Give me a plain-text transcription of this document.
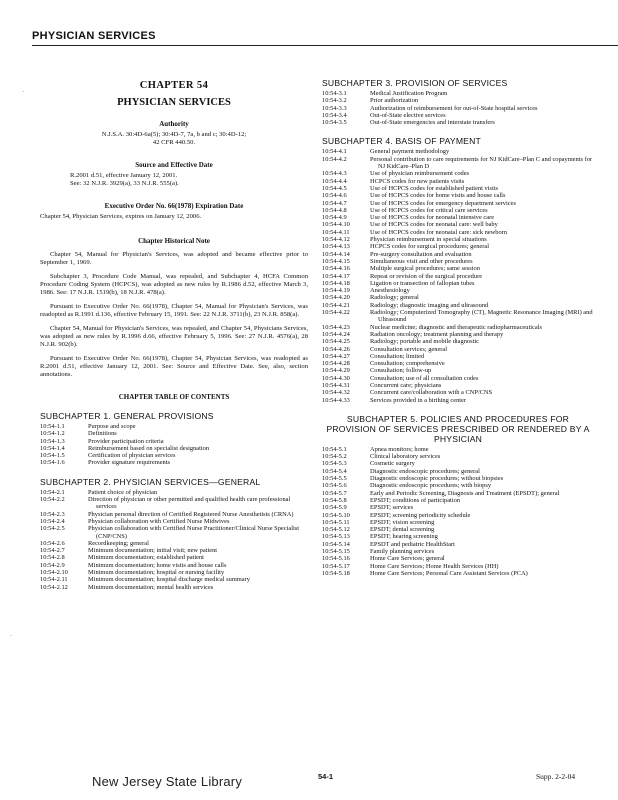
PHYSICIAN SERVICES
CHAPTER 54
PHYSICIAN SERVICES
Authority
N.J.S.A. 30:4D-6a(5); 30:4D-7, 7a, b and c; 30:4D-12; 42 CFR 440.50.
Source and Effective Date
R.2001 d.51, effective January 12, 2001.
See: 32 N.J.R. 3929(a), 33 N.J.R. 555(a).
Executive Order No. 66(1978) Expiration Date
Chapter 54, Physician Services, expires on January 12, 2006.
Chapter Historical Note

Chapter 54, Manual for Physician's Services, was adopted and became effective prior to September 1, 1969.

Subchapter 3, Procedure Code Manual, was repealed, and Subchapter 4, HCFA Common Procedure Coding System (HCPCS), was adopted as new rules by R.1986 d.52, effective March 3, 1986. See: 17 N.J.R. 1519(b), 18 N.J.R. 478(a).

Pursuant to Executive Order No. 66(1978), Chapter 54, Manual for Physician's Services, was readopted as R.1991 d.136, effective February 15, 1991. See: 22 N.J.R. 3711(b), 23 N.J.R. 858(a).

Chapter 54, Manual for Physician's Services, was repealed, and Chapter 54, Physicians Services, was adopted as new rules by R.1996 d.66, effective February 5, 1996. See: 27 N.J.R. 4576(a), 28 N.J.R. 902(b).

Pursuant to Executive Order No. 66(1978), Chapter 54, Physician Services, was readopted as R.2001 d.51, effective January 12, 2001. See: Source and Effective Date. See, also, section annotations.

CHAPTER TABLE OF CONTENTS
SUBCHAPTER 1. GENERAL PROVISIONS
10:54-1.1	Purpose and scope
10:54-1.2	Definitions
10:54-1.3	Provider participation criteria
10:54-1.4	Reimbursement based on specialist designation
10:54-1.5	Certification of physician services
10:54-1.6	Provider signature requirements
SUBCHAPTER 2. PHYSICIAN SERVICES—GENERAL
10:54-2.1	Patient choice of physician
10:54-2.2	Direction of physician or other permitted and qualified health care professional services
10:54-2.3	Physician personal direction of Certified Registered Nurse Anesthetists (CRNA)
10:54-2.4	Physician collaboration with Certified Nurse Midwives
10:54-2.5	Physician collaboration with Certified Nurse Practitioner/Clinical Nurse Specialist (CNP/CNS)
10:54-2.6	Recordkeeping; general
10:54-2.7	Minimum documentation; initial visit; new patient
10:54-2.8	Minimum documentation; established patient
10:54-2.9	Minimum documentation; home visits and house calls
10:54-2.10	Minimum documentation; hospital or nursing facility
10:54-2.11	Minimum documentation; hospital discharge medical summary
10:54-2.12	Minimum documentation; mental health services
SUBCHAPTER 3. PROVISION OF SERVICES
10:54-3.1	Medical Justification Program
10:54-3.2	Prior authorization
10:54-3.3	Authorization of reimbursement for out-of-State hospital services
10:54-3.4	Out-of-State elective services
10:54-3.5	Out-of-State emergencies and interstate transfers
SUBCHAPTER 4. BASIS OF PAYMENT
10:54-4.1	General payment methodology
10:54-4.2	Personal contribution to care requirements for NJ KidCare–Plan C and copayments for NJ KidCare–Plan D
10:54-4.3	Use of physician reimbursement codes
10:54-4.4	HCPCS codes for new patients visits
10:54-4.5	Use of HCPCS codes for established patient visits
10:54-4.6	Use of HCPCS codes for home visits and house calls
10:54-4.7	Use of HCPCS codes for emergency department services
10:54-4.8	Use of HCPCS codes for critical care services
10:54-4.9	Use of HCPCS codes for neonatal intensive care
10:54-4.10	Use of HCPCS codes for neonatal care: well baby
10:54-4.11	Use of HCPCS codes for neonatal care: sick newborn
10:54-4.12	Physician reimbursement in special situations
10:54-4.13	HCPCS codes for surgical procedures; general
10:54-4.14	Pre-surgery consultation and evaluation
10:54-4.15	Simultaneous visit and other procedures
10:54-4.16	Multiple surgical procedures; same session
10:54-4.17	Repeat or revision of the surgical procedure
10:54-4.18	Ligation or transection of fallopian tubes
10:54-4.19	Anesthesiology
10:54-4.20	Radiology; general
10:54-4.21	Radiology; diagnostic imaging and ultrasound
10:54-4.22	Radiology; Computerized Tomography (CT), Magnetic Resonance Imaging (MRI) and Ultrasound
10:54-4.23	Nuclear medicine; diagnostic and therapeutic radiopharmaceuticals
10:54-4.24	Radiation oncology; treatment planning and therapy
10:54-4.25	Radiology; portable and mobile diagnostic
10:54-4.26	Consultation services; general
10:54-4.27	Consultation; limited
10:54-4.28	Consultation; comprehensive
10:54-4.29	Consultation; follow-up
10:54-4.30	Consultation; use of all consultation codes
10:54-4.31	Concurrent care; physicians
10:54-4.32	Concurrent care/collaboration with a CNP/CNS
10:54-4.33	Services provided in a birthing center
SUBCHAPTER 5. POLICIES AND PROCEDURES FOR PROVISION OF SERVICES PRESCRIBED OR RENDERED BY A PHYSICIAN
10:54-5.1	Apnea monitors; home
10:54-5.2	Clinical laboratory services
10:54-5.3	Cosmetic surgery
10:54-5.4	Diagnostic endoscopic procedures; general
10:54-5.5	Diagnostic endoscopic procedures; without biopsies
10:54-5.6	Diagnostic endoscopic procedures; with biopsy
10:54-5.7	Early and Periodic Screening, Diagnosis and Treatment (EPSDT); general
10:54-5.8	EPSDT; conditions of participation
10:54-5.9	EPSDT; services
10:54-5.10	EPSDT; screening periodicity schedule
10:54-5.11	EPSDT; vision screening
10:54-5.12	EPSDT; dental screening
10:54-5.13	EPSDT; hearing screening
10:54-5.14	EPSDT and pediatric HealthStart
10:54-5.15	Family planning services
10:54-5.16	Home Care Services; general
10:54-5.17	Home Care Services; Home Health Services (HH)
10:54-5.18	Home Care Services; Personal Care Assistant Services (PCA)
New Jersey State Library	54-1	Supp. 2-2-04
·
·
